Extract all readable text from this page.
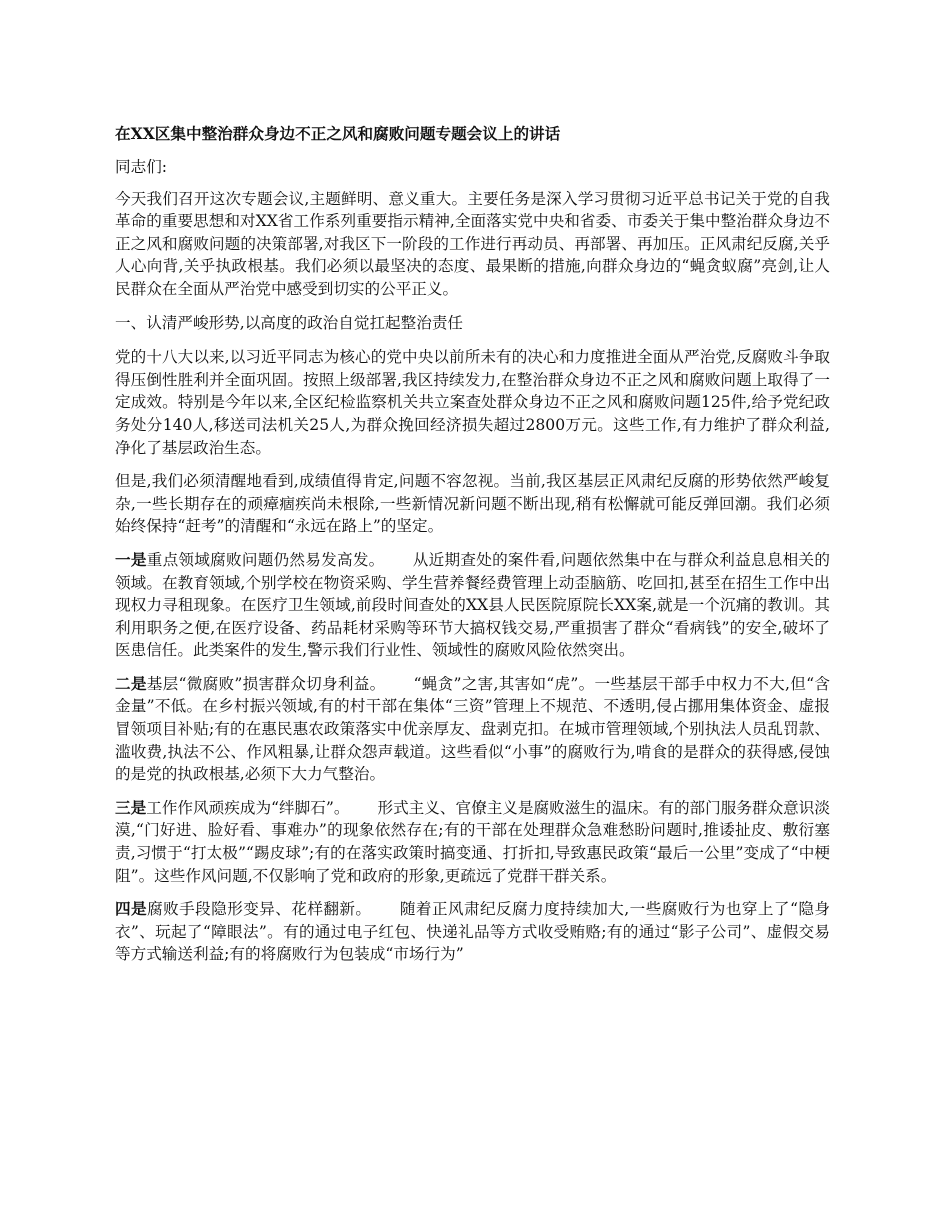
在XX区集中整治群众身边不正之风和腐败问题专题会议上的讲话
同志们:

今天我们召开这次专题会议,主题鲜明、意义重大。主要任务是深入学习贯彻习近平总书记关于党的自我革命的重要思想和对XX省工作系列重要指示精神,全面落实党中央和省委、市委关于集中整治群众身边不正之风和腐败问题的决策部署,对我区下一阶段的工作进行再动员、再部署、再加压。正风肃纪反腐,关乎人心向背,关乎执政根基。我们必须以最坚决的态度、最果断的措施,向群众身边的“蝇贪蚁腐”亮剑,让人民群众在全面从严治党中感受到切实的公平正义。

一、认清严峻形势,以高度的政治自觉扛起整治责任

党的十八大以来,以习近平同志为核心的党中央以前所未有的决心和力度推进全面从严治党,反腐败斗争取得压倒性胜利并全面巩固。按照上级部署,我区持续发力,在整治群众身边不正之风和腐败问题上取得了一定成效。特别是今年以来,全区纪检监察机关共立案查处群众身边不正之风和腐败问题125件,给予党纪政务处分140人,移送司法机关25人,为群众挽回经济损失超过2800万元。这些工作,有力维护了群众利益,净化了基层政治生态。

但是,我们必须清醒地看到,成绩值得肯定,问题不容忽视。当前,我区基层正风肃纪反腐的形势依然严峻复杂,一些长期存在的顽瘴痼疾尚未根除,一些新情况新问题不断出现,稍有松懈就可能反弹回潮。我们必须始终保持“赶考”的清醒和“永远在路上”的坚定。

一是重点领域腐败问题仍然易发高发。 从近期查处的案件看,问题依然集中在与群众利益息息相关的领域。在教育领域,个别学校在物资采购、学生营养餐经费管理上动歪脑筋、吃回扣,甚至在招生工作中出现权力寻租现象。在医疗卫生领域,前段时间查处的XX县人民医院原院长XX案,就是一个沉痛的教训。其利用职务之便,在医疗设备、药品耗材采购等环节大搞权钱交易,严重损害了群众“看病钱”的安全,破坏了医患信任。此类案件的发生,警示我们行业性、领域性的腐败风险依然突出。

二是基层“微腐败”损害群众切身利益。 “蝇贪”之害,其害如“虎”。一些基层干部手中权力不大,但“含金量”不低。在乡村振兴领域,有的村干部在集体“三资”管理上不规范、不透明,侵占挪用集体资金、虚报冒领项目补贴;有的在惠民惠农政策落实中优亲厚友、盘剥克扣。在城市管理领域,个别执法人员乱罚款、滥收费,执法不公、作风粗暴,让群众怨声载道。这些看似“小事”的腐败行为,啃食的是群众的获得感,侵蚀的是党的执政根基,必须下大力气整治。

三是工作作风顽疾成为“绊脚石”。 形式主义、官僚主义是腐败滋生的温床。有的部门服务群众意识淡漠,“门好进、脸好看、事难办”的现象依然存在;有的干部在处理群众急难愁盼问题时,推诿扯皮、敷衍塞责,习惯于“打太极”“踢皮球”;有的在落实政策时搞变通、打折扣,导致惠民政策“最后一公里”变成了“中梗阻”。这些作风问题,不仅影响了党和政府的形象,更疏远了党群干群关系。

四是腐败手段隐形变异、花样翻新。 随着正风肃纪反腐力度持续加大,一些腐败行为也穿上了“隐身衣”、玩起了“障眼法”。有的通过电子红包、快递礼品等方式收受贿赂;有的通过“影子公司”、虚假交易等方式输送利益;有的将腐败行为包装成“市场行为”
